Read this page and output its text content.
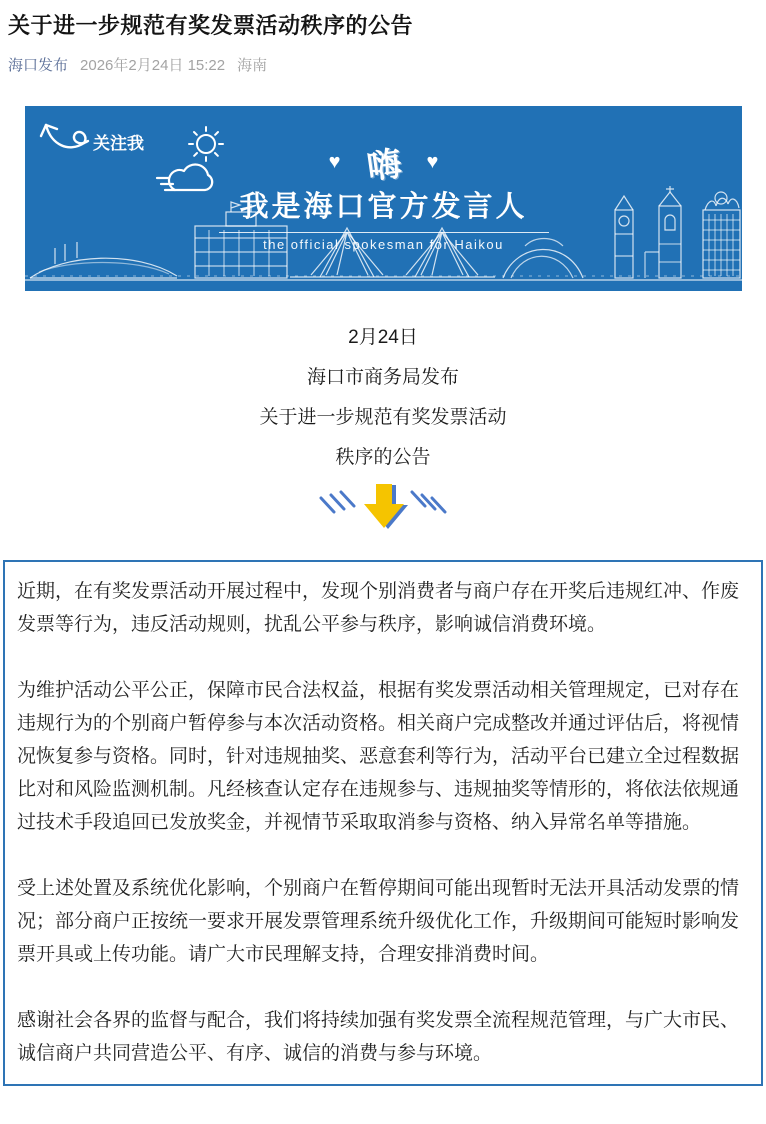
关于进一步规范有奖发票活动秩序的公告
海口发布 2026年2月24日 15:22 海南
关注我
♥ 嗨 ♥
我是海口官方发言人
the official spokesman for Haikou
2月24日
海口市商务局发布
关于进一步规范有奖发票活动
秩序的公告

近期，在有奖发票活动开展过程中，发现个别消费者与商户存在开奖后违规红冲、作废发票等行为，违反活动规则，扰乱公平参与秩序，影响诚信消费环境。

为维护活动公平公正，保障市民合法权益，根据有奖发票活动相关管理规定，已对存在违规行为的个别商户暂停参与本次活动资格。相关商户完成整改并通过评估后，将视情况恢复参与资格。同时，针对违规抽奖、恶意套利等行为，活动平台已建立全过程数据比对和风险监测机制。凡经核查认定存在违规参与、违规抽奖等情形的，将依法依规通过技术手段追回已发放奖金，并视情节采取取消参与资格、纳入异常名单等措施。

受上述处置及系统优化影响，个别商户在暂停期间可能出现暂时无法开具活动发票的情况；部分商户正按统一要求开展发票管理系统升级优化工作，升级期间可能短时影响发票开具或上传功能。请广大市民理解支持，合理安排消费时间。

感谢社会各界的监督与配合，我们将持续加强有奖发票全流程规范管理，与广大市民、诚信商户共同营造公平、有序、诚信的消费与参与环境。
